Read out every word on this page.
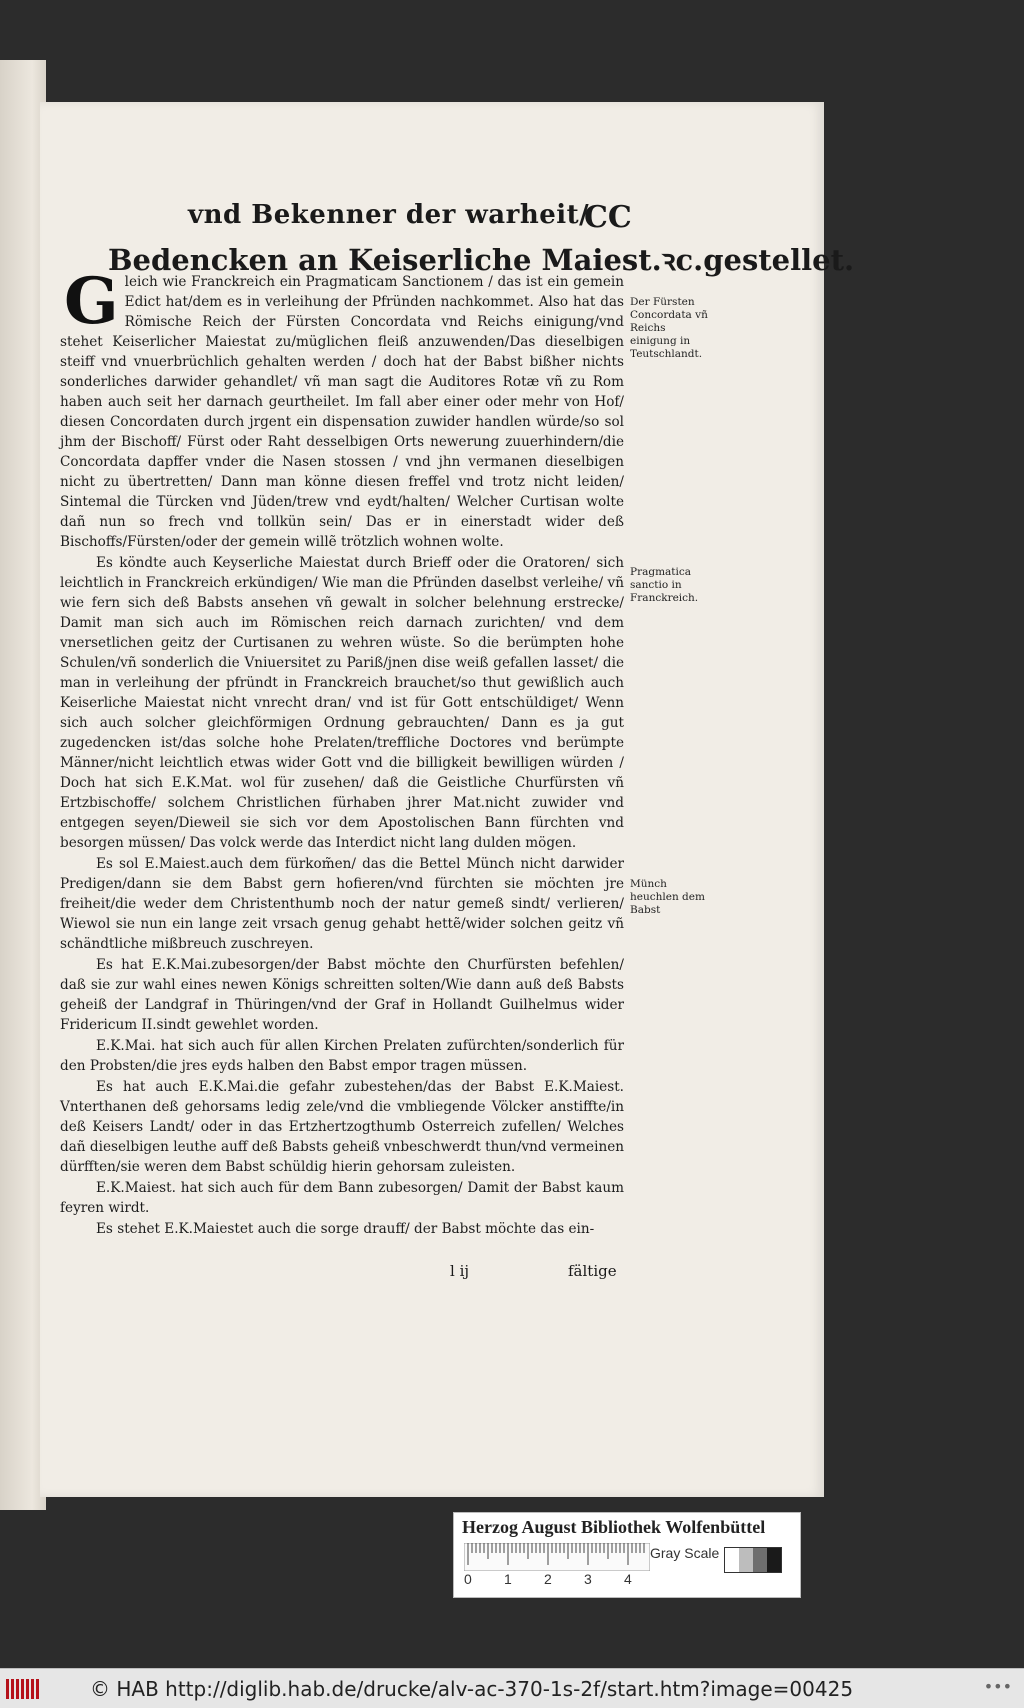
vnd Bekenner der warheit/
CC
Bedencken an Keiserliche Maiest.ꝛc.gestellet.

Gleich wie Franckreich ein Pragmaticam Sanctionem / das ist ein gemein Edict hat/dem es in verleihung der Pfründen nachkommet. Also hat das Römische Reich der Fürsten Concordata vnd Reichs einigung/vnd stehet Keiserlicher Maiestat zu/müglichen fleiß anzuwenden/Das dieselbigen steiff vnd vnuerbrüchlich gehalten werden / doch hat der Babst bißher nichts sonderliches darwider gehandlet/ vñ man sagt die Auditores Rotæ vñ zu Rom haben auch seit her darnach geurtheilet. Im fall aber einer oder mehr von Hof/ diesen Concordaten durch jrgent ein dispensation zuwider handlen würde/so sol jhm der Bischoff/ Fürst oder Raht desselbigen Orts newerung zuuerhindern/die Concordata dapffer vnder die Nasen stossen / vnd jhn vermanen dieselbigen nicht zu übertretten/ Dann man könne diesen freffel vnd trotz nicht leiden/ Sintemal die Türcken vnd Jüden/trew vnd eydt/halten/ Welcher Curtisan wolte dañ nun so frech vnd tollkün sein/ Das er in einerstadt wider deß Bischoffs/Fürsten/oder der gemein willẽ trötzlich wohnen wolte.

Es köndte auch Keyserliche Maiestat durch Brieff oder die Oratoren/ sich leichtlich in Franckreich erkündigen/ Wie man die Pfründen daselbst verleihe/ vñ wie fern sich deß Babsts ansehen vñ gewalt in solcher belehnung erstrecke/ Damit man sich auch im Römischen reich darnach zurichten/ vnd dem vnersetlichen geitz der Curtisanen zu wehren wüste. So die berümpten hohe Schulen/vñ sonderlich die Vniuersitet zu Pariß/jnen dise weiß gefallen lasset/ die man in verleihung der pfründt in Franckreich brauchet/so thut gewißlich auch Keiserliche Maiestat nicht vnrecht dran/ vnd ist für Gott entschüldiget/ Wenn sich auch solcher gleichförmigen Ordnung gebrauchten/ Dann es ja gut zugedencken ist/das solche hohe Prelaten/treffliche Doctores vnd berümpte Männer/nicht leichtlich etwas wider Gott vnd die billigkeit bewilligen würden / Doch hat sich E.K.Mat. wol für zusehen/ daß die Geistliche Churfürsten vñ Ertzbischoffe/ solchem Christlichen fürhaben jhrer Mat.nicht zuwider vnd entgegen seyen/Dieweil sie sich vor dem Apostolischen Bann fürchten vnd besorgen müssen/ Das volck werde das Interdict nicht lang dulden mögen.

Es sol E.Maiest.auch dem fürkom̃en/ das die Bettel Münch nicht darwider Predigen/dann sie dem Babst gern hofieren/vnd fürchten sie möchten jre freiheit/die weder dem Christenthumb noch der natur gemeß sindt/ verlieren/ Wiewol sie nun ein lange zeit vrsach genug gehabt hettẽ/wider solchen geitz vñ schändtliche mißbreuch zuschreyen.

Es hat E.K.Mai.zubesorgen/der Babst möchte den Churfürsten befehlen/ daß sie zur wahl eines newen Königs schreitten solten/Wie dann auß deß Babsts geheiß der Landgraf in Thüringen/vnd der Graf in Hollandt Guilhelmus wider Fridericum II.sindt gewehlet worden.

E.K.Mai. hat sich auch für allen Kirchen Prelaten zufürchten/sonderlich für den Probsten/die jres eyds halben den Babst empor tragen müssen.

Es hat auch E.K.Mai.die gefahr zubestehen/das der Babst E.K.Maiest. Vnterthanen deß gehorsams ledig zele/vnd die vmbliegende Völcker anstiffte/in deß Keisers Landt/ oder in das Ertzhertzogthumb Osterreich zufellen/ Welches dañ dieselbigen leuthe auff deß Babsts geheiß vnbeschwerdt thun/vnd vermeinen dürfften/sie weren dem Babst schüldig hierin gehorsam zuleisten.

E.K.Maiest. hat sich auch für dem Bann zubesorgen/ Damit der Babst kaum feyren wirdt.

Es stehet E.K.Maiestet auch die sorge drauff/ der Babst möchte das ein-

Der Fürsten Concordata vñ Reichs einigung in Teutschlandt.
Pragmatica sanctio in Franckreich.
Münch heuchlen dem Babst
l ij	fältige
Herzog August Bibliothek Wolfenbüttel
0 1 2 3 4
Gray Scale
© HAB http://diglib.hab.de/drucke/alv-ac-370-1s-2f/start.htm?image=00425	•••
